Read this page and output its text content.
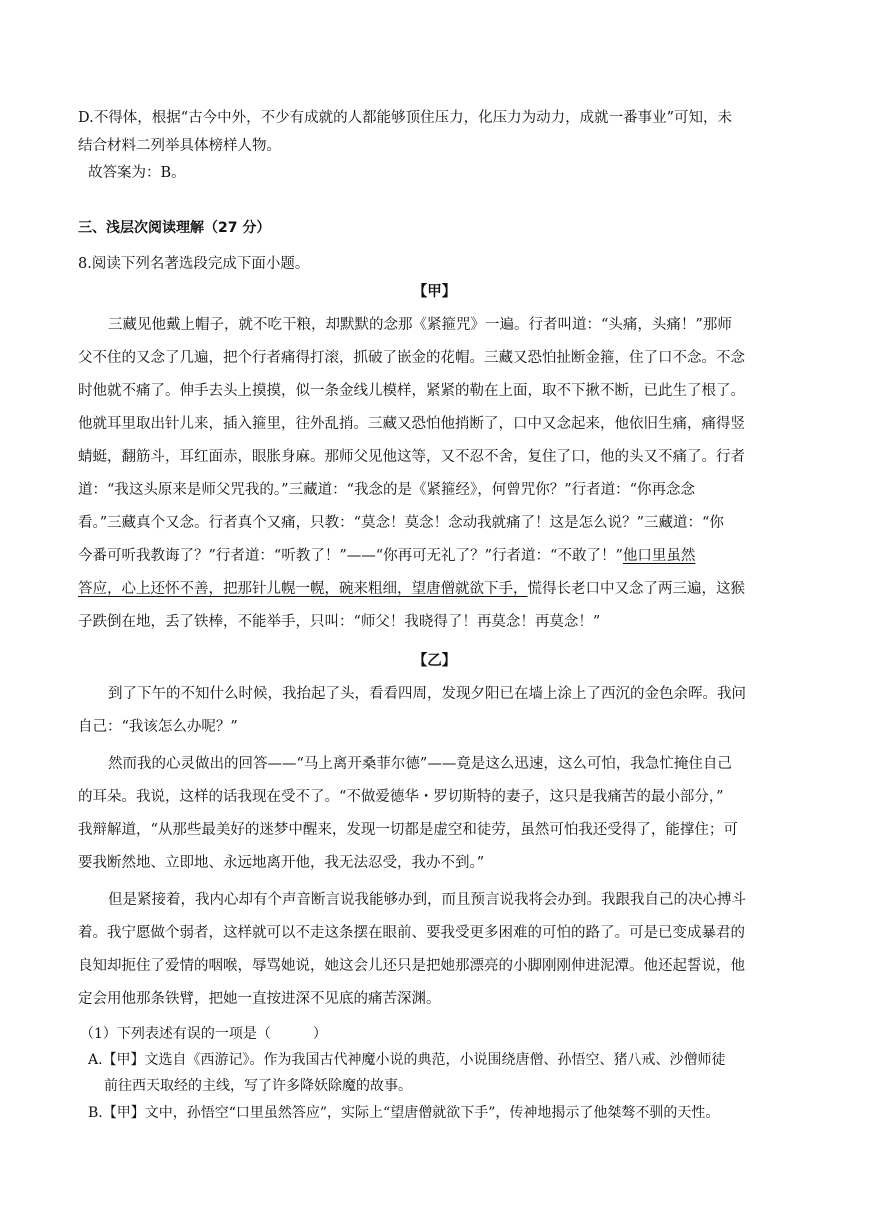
D.不得体，根据“古今中外，不少有成就的人都能够顶住压力，化压力为动力，成就一番事业”可知，未
结合材料二列举具体榜样人物。
故答案为：B。
三、浅层次阅读理解（27 分）
8.阅读下列名著选段完成下面小题。
【甲】
三藏见他戴上帽子，就不吃干粮，却默默的念那《紧箍咒》一遍。行者叫道：“头痛，头痛！”那师
父不住的又念了几遍，把个行者痛得打滚，抓破了嵌金的花帽。三藏又恐怕扯断金箍，住了口不念。不念
时他就不痛了。伸手去头上摸摸，似一条金线儿模样，紧紧的勒在上面，取不下揪不断，已此生了根了。
他就耳里取出针儿来，插入箍里，往外乱捎。三藏又恐怕他捎断了，口中又念起来，他依旧生痛，痛得竖
蜻蜓，翻筋斗，耳红面赤，眼胀身麻。那师父见他这等，又不忍不舍，复住了口，他的头又不痛了。行者
道：“我这头原来是师父咒我的。”三藏道：“我念的是《紧箍经》，何曾咒你？”行者道：“你再念念
看。”三藏真个又念。行者真个又痛，只教：“莫念！莫念！念动我就痛了！这是怎么说？”三藏道：“你
今番可听我教诲了？”行者道：“听教了！”——“你再可无礼了？”行者道：“不敢了！”他口里虽然
答应，心上还怀不善，把那针儿幌一幌，碗来粗细，望唐僧就欲下手，慌得长老口中又念了两三遍，这猴
子跌倒在地，丢了铁棒，不能举手，只叫：“师父！我晓得了！再莫念！再莫念！”
【乙】
到了下午的不知什么时候，我抬起了头，看看四周，发现夕阳已在墙上涂上了西沉的金色余晖。我问
自己：“我该怎么办呢？”
然而我的心灵做出的回答——“马上离开桑菲尔德”——竟是这么迅速，这么可怕，我急忙掩住自己
的耳朵。我说，这样的话我现在受不了。“不做爱德华・罗切斯特的妻子，这只是我痛苦的最小部分，”
我辩解道，“从那些最美好的迷梦中醒来，发现一切都是虚空和徒劳，虽然可怕我还受得了，能撑住；可
要我断然地、立即地、永远地离开他，我无法忍受，我办不到。”
但是紧接着，我内心却有个声音断言说我能够办到，而且预言说我将会办到。我跟我自己的决心搏斗
着。我宁愿做个弱者，这样就可以不走这条摆在眼前、要我受更多困难的可怕的路了。可是已变成暴君的
良知却扼住了爱情的咽喉，辱骂她说，她这会儿还只是把她那漂亮的小脚刚刚伸进泥潭。他还起誓说，他
定会用他那条铁臂，把她一直按进深不见底的痛苦深渊。
（1）下列表述有误的一项是（　　　）
A.【甲】文选自《西游记》。作为我国古代神魔小说的典范，小说围绕唐僧、孙悟空、猪八戒、沙僧师徒
前往西天取经的主线，写了许多降妖除魔的故事。
B.【甲】文中，孙悟空“口里虽然答应”，实际上“望唐僧就欲下手”，传神地揭示了他桀骜不驯的天性。
